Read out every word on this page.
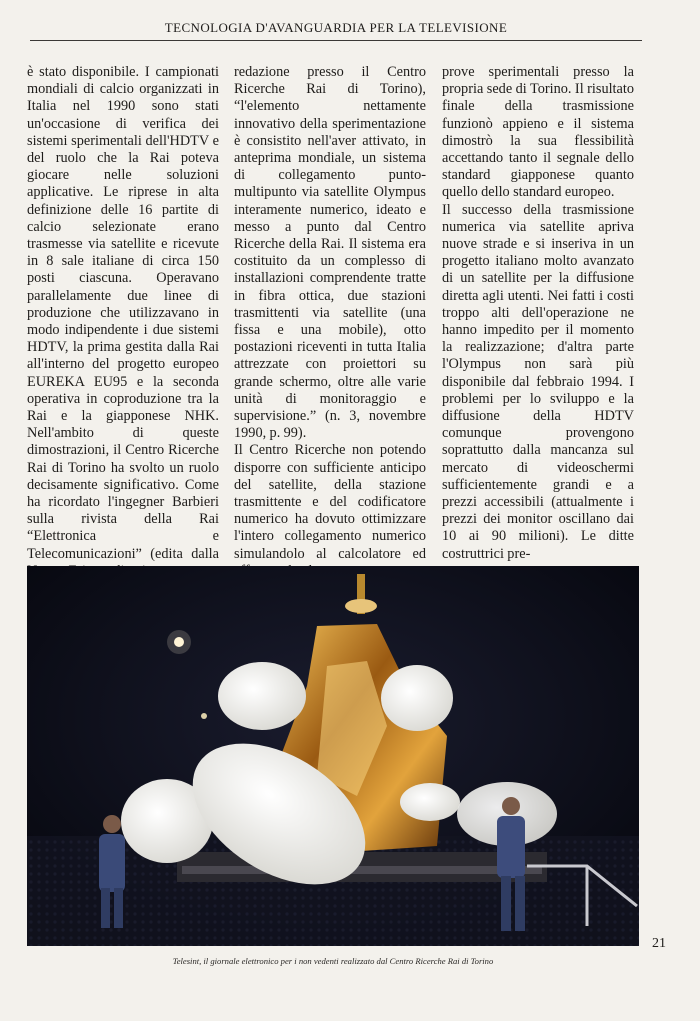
TECNOLOGIA D'AVANGUARDIA PER LA TELEVISIONE

è stato disponibile. I campionati mondiali di calcio organizzati in Italia nel 1990 sono stati un'occasione di verifica dei sistemi sperimentali dell'HDTV e del ruolo che la Rai poteva giocare nelle soluzioni applicative. Le riprese in alta definizione delle 16 partite di calcio selezionate erano trasmesse via satellite e ricevute in 8 sale italiane di circa 150 posti ciascuna. Operavano parallelamente due linee di produzione che utilizzavano in modo indipendente i due sistemi HDTV, la prima gestita dalla Rai all'interno del progetto europeo EUREKA EU95 e la seconda operativa in coproduzione tra la Rai e la giapponese NHK. Nell'ambito di queste dimostrazioni, il Centro Ricerche Rai di Torino ha svolto un ruolo decisamente significativo. Come ha ricordato l'ingegner Barbieri sulla rivista della Rai “Elettronica e Telecomunicazioni” (edita dalla

redazione presso il Centro Ricerche Rai di Torino), “l'elemento nettamente innovativo della sperimentazione è consistito nell'aver attivato, in anteprima mondiale, un sistema di collegamento punto-multipunto via satellite Olympus interamente numerico, ideato e messo a punto dal Centro Ricerche della Rai. Il sistema era costituito da un complesso di installazioni comprendente tratte in fibra ottica, due stazioni trasmittenti via satellite (una fissa e una mobile), otto postazioni riceventi in tutta Italia attrezzate con proiettori su grande schermo, oltre alle varie unità di monitoraggio e supervisione.” (n. 3, novembre 1990, p. 99).

Il Centro Ricerche non potendo disporre con sufficiente anticipo del satellite, della stazione trasmittente e del codificatore numerico ha dovuto ottimizzare l'intero collegamento numerico simulandolo al calcolatore ed

prove sperimentali presso la propria sede di Torino. Il risultato finale della trasmissione funzionò appieno e il sistema dimostrò la sua flessibilità accettando tanto il segnale dello standard giapponese quanto quello dello standard europeo.

Il successo della trasmissione numerica via satellite apriva nuove strade e si inseriva in un progetto italiano molto avanzato di un satellite per la diffusione diretta agli utenti. Nei fatti i costi troppo alti dell'operazione ne hanno impedito per il momento la realizzazione; d'altra parte l'Olympus non sarà più disponibile dal febbraio 1994. I problemi per lo sviluppo e la diffusione della HDTV comunque provengono soprattutto dalla mancanza sul mercato di videoschermi sufficientemente grandi e a prezzi accessibili (attualmente i prezzi dei monitor oscillano dai 10 ai 90 milioni). Le ditte costruttrici pre-

21
Telesint, il giornale elettronico per i non vedenti realizzato dal Centro Ricerche Rai di Torino
